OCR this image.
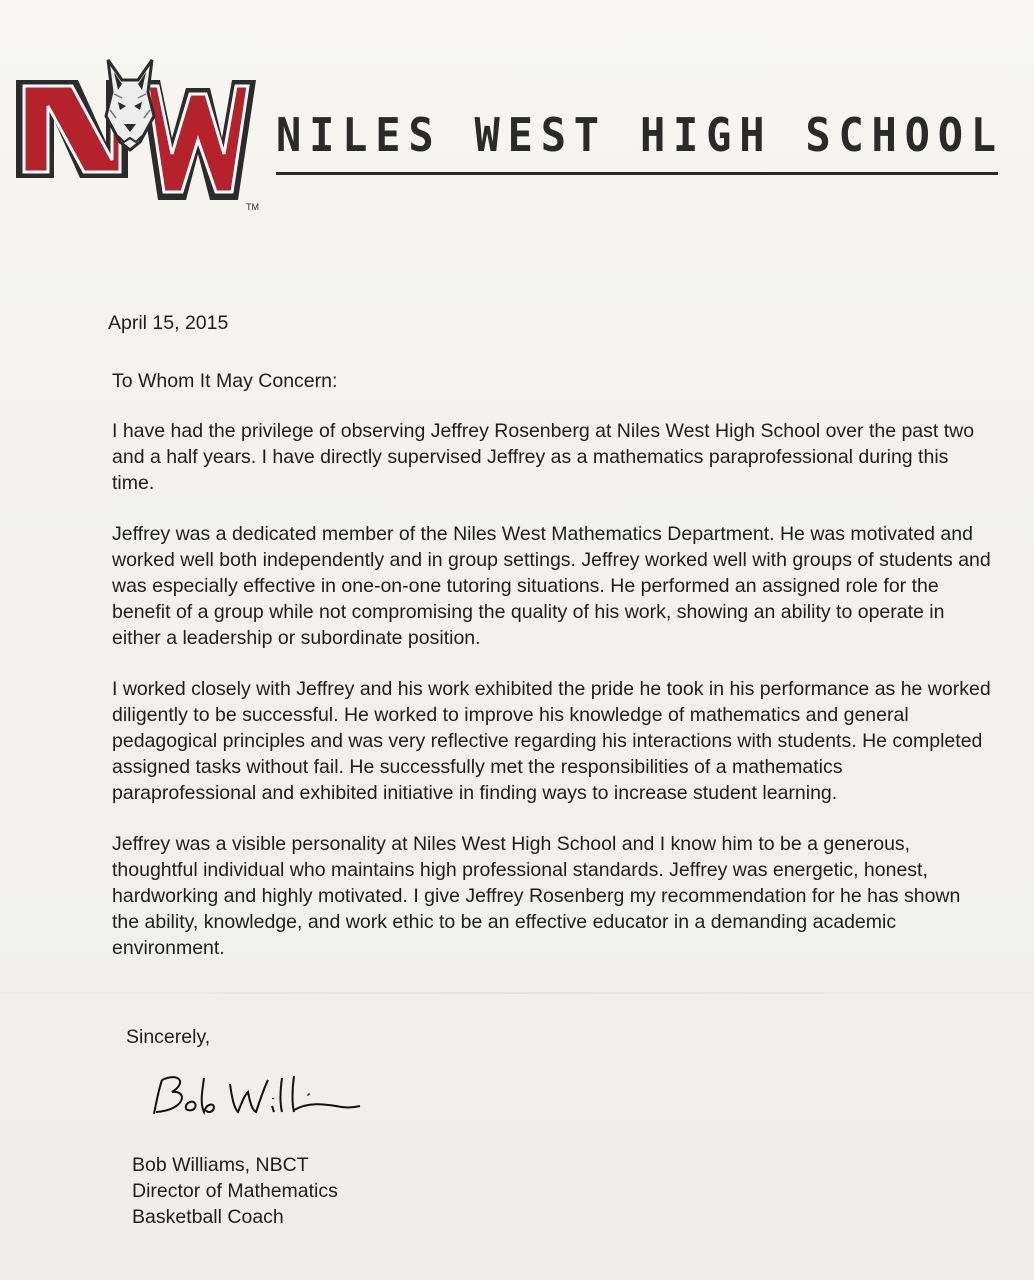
TM
NILES WEST HIGH SCHOOL
April 15, 2015
To Whom It May Concern:

I have had the privilege of observing Jeffrey Rosenberg at Niles West High School over the past two and a half years. I have directly supervised Jeffrey as a mathematics paraprofessional during this time.

Jeffrey was a dedicated member of the Niles West Mathematics Department. He was motivated and worked well both independently and in group settings. Jeffrey worked well with groups of students and was especially effective in one-on-one tutoring situations. He performed an assigned role for the benefit of a group while not compromising the quality of his work, showing an ability to operate in either a leadership or subordinate position.

I worked closely with Jeffrey and his work exhibited the pride he took in his performance as he worked diligently to be successful. He worked to improve his knowledge of mathematics and general pedagogical principles and was very reflective regarding his interactions with students. He completed assigned tasks without fail. He successfully met the responsibilities of a mathematics paraprofessional and exhibited initiative in finding ways to increase student learning.

Jeffrey was a visible personality at Niles West High School and I know him to be a generous, thoughtful individual who maintains high professional standards. Jeffrey was energetic, honest, hardworking and highly motivated. I give Jeffrey Rosenberg my recommendation for he has shown the ability, knowledge, and work ethic to be an effective educator in a demanding academic environment.

Sincerely,
Bob Williams, NBCT
Director of Mathematics
Basketball Coach
